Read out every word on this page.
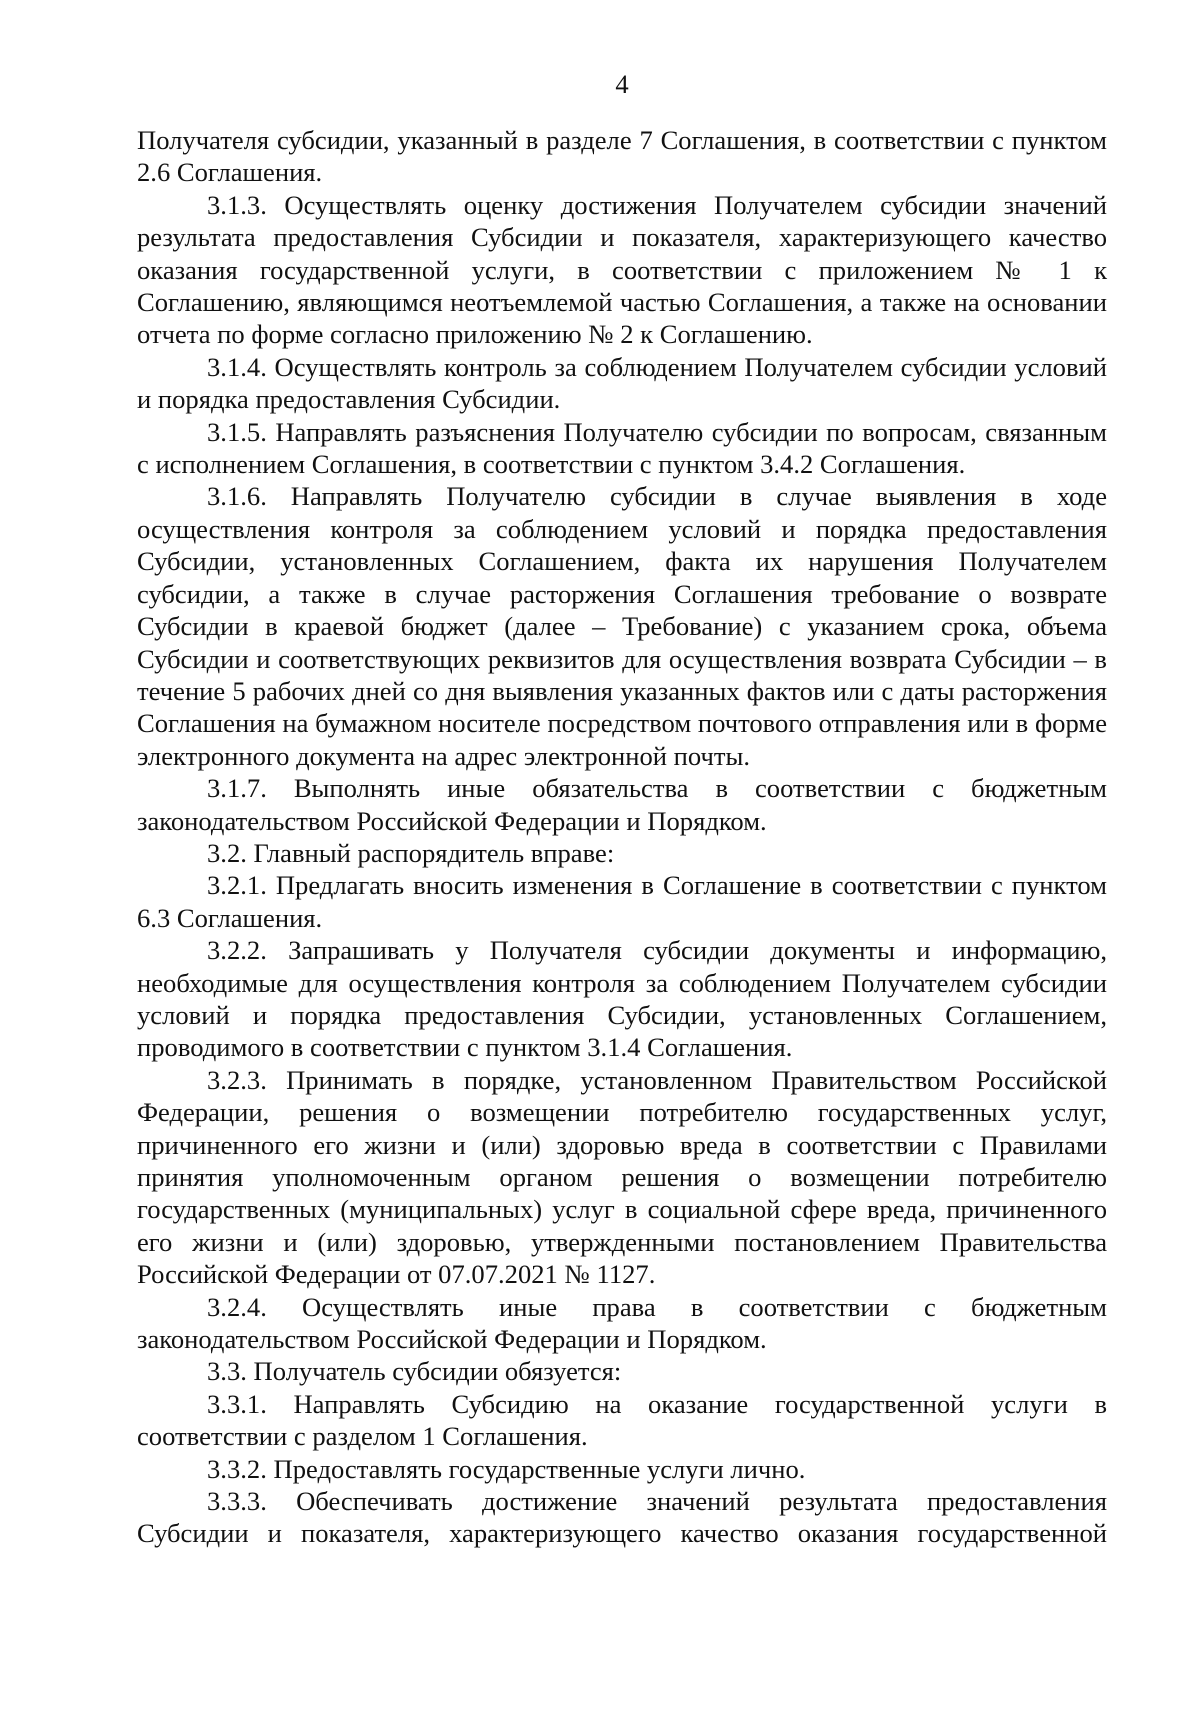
4

Получателя субсидии, указанный в разделе 7 Соглашения, в соответствии с пунктом 2.6 Соглашения.

3.1.3. Осуществлять оценку достижения Получателем субсидии значений результата предоставления Субсидии и показателя, характеризующего качество оказания государственной услуги, в соответствии с приложением № 1 к Соглашению, являющимся неотъемлемой частью Соглашения, а также на основании отчета по форме согласно приложению № 2 к Соглашению.

3.1.4. Осуществлять контроль за соблюдением Получателем субсидии условий и порядка предоставления Субсидии.

3.1.5. Направлять разъяснения Получателю субсидии по вопросам, связанным с исполнением Соглашения, в соответствии с пунктом 3.4.2 Соглашения.

3.1.6. Направлять Получателю субсидии в случае выявления в ходе осуществления контроля за соблюдением условий и порядка предоставления Субсидии, установленных Соглашением, факта их нарушения Получателем субсидии, а также в случае расторжения Соглашения требование о возврате Субсидии в краевой бюджет (далее – Требование) с указанием срока, объема Субсидии и соответствующих реквизитов для осуществления возврата Субсидии – в течение 5 рабочих дней со дня выявления указанных фактов или с даты расторжения Соглашения на бумажном носителе посредством почтового отправления или в форме электронного документа на адрес электронной почты.

3.1.7. Выполнять иные обязательства в соответствии с бюджетным законодательством Российской Федерации и Порядком.

3.2. Главный распорядитель вправе:

3.2.1. Предлагать вносить изменения в Соглашение в соответствии с пунктом 6.3 Соглашения.

3.2.2. Запрашивать у Получателя субсидии документы и информацию, необходимые для осуществления контроля за соблюдением Получателем субсидии условий и порядка предоставления Субсидии, установленных Соглашением, проводимого в соответствии с пунктом 3.1.4 Соглашения.

3.2.3. Принимать в порядке, установленном Правительством Российской Федерации, решения о возмещении потребителю государственных услуг, причиненного его жизни и (или) здоровью вреда в соответствии с Правилами принятия уполномоченным органом решения о возмещении потребителю государственных (муниципальных) услуг в социальной сфере вреда, причиненного его жизни и (или) здоровью, утвержденными постановлением Правительства Российской Федерации от 07.07.2021 № 1127.

3.2.4. Осуществлять иные права в соответствии с бюджетным законодательством Российской Федерации и Порядком.

3.3. Получатель субсидии обязуется:

3.3.1. Направлять Субсидию на оказание государственной услуги в соответствии с разделом 1 Соглашения.

3.3.2. Предоставлять государственные услуги лично.

3.3.3. Обеспечивать достижение значений результата предоставления Субсидии и показателя, характеризующего качество оказания государственной
